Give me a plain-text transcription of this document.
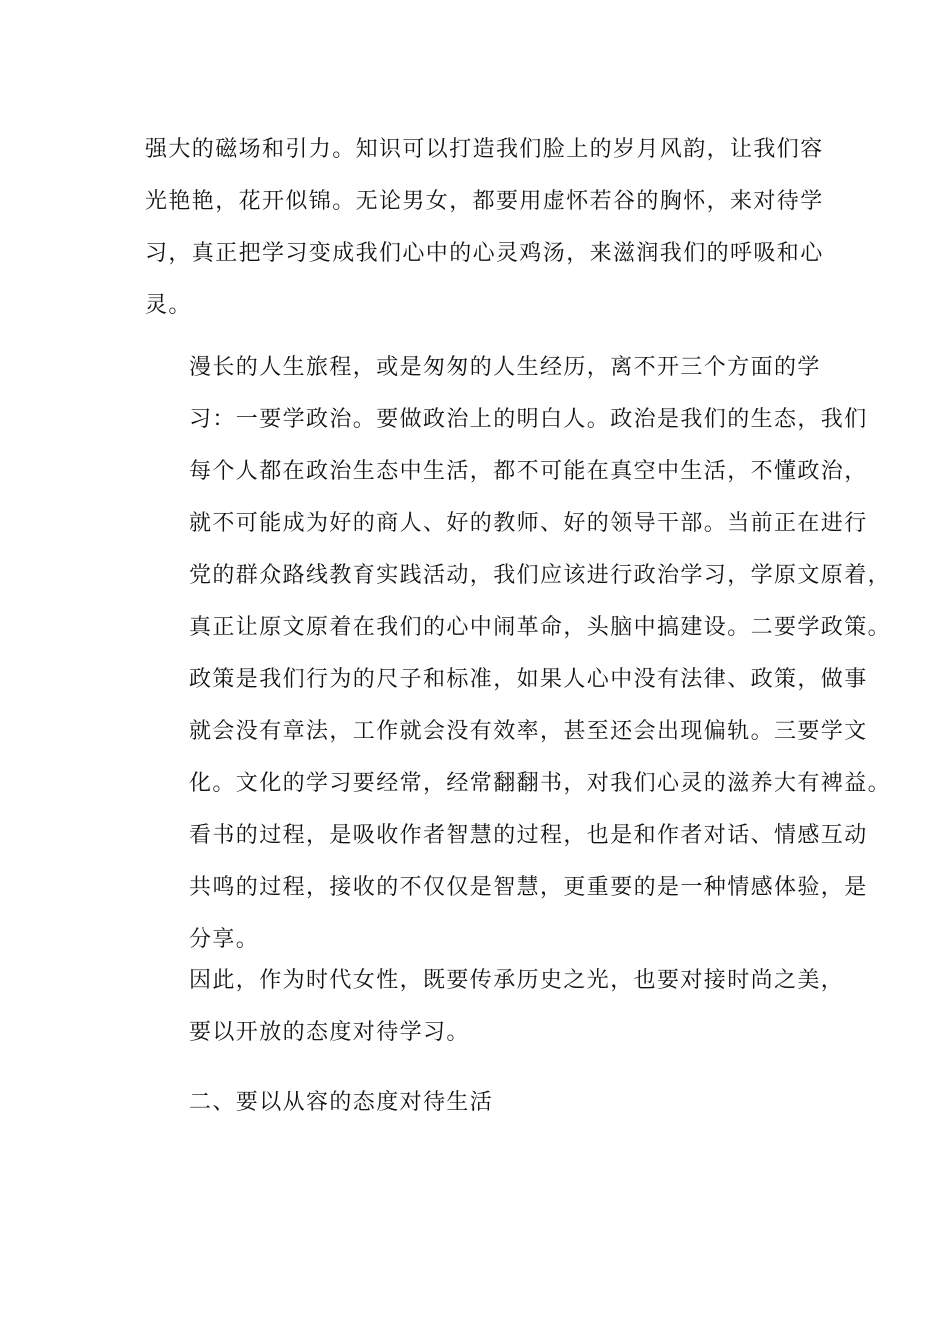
强大的磁场和引力。知识可以打造我们脸上的岁月风韵，让我们容
光艳艳，花开似锦。无论男女，都要用虚怀若谷的胸怀，来对待学
习，真正把学习变成我们心中的心灵鸡汤，来滋润我们的呼吸和心
灵。

漫长的人生旅程，或是匆匆的人生经历，离不开三个方面的学

习：一要学政治。要做政治上的明白人。政治是我们的生态，我们
每个人都在政治生态中生活，都不可能在真空中生活，不懂政治，
就不可能成为好的商人、好的教师、好的领导干部。当前正在进行
党的群众路线教育实践活动，我们应该进行政治学习，学原文原着，
真正让原文原着在我们的心中闹革命，头脑中搞建设。二要学政策。
政策是我们行为的尺子和标准，如果人心中没有法律、政策，做事
就会没有章法，工作就会没有效率，甚至还会出现偏轨。三要学文
化。文化的学习要经常，经常翻翻书，对我们心灵的滋养大有裨益。
看书的过程，是吸收作者智慧的过程，也是和作者对话、情感互动
共鸣的过程，接收的不仅仅是智慧，更重要的是一种情感体验，是
分享。

因此，作为时代女性，既要传承历史之光，也要对接时尚之美，

要以开放的态度对待学习。

二、要以从容的态度对待生活
